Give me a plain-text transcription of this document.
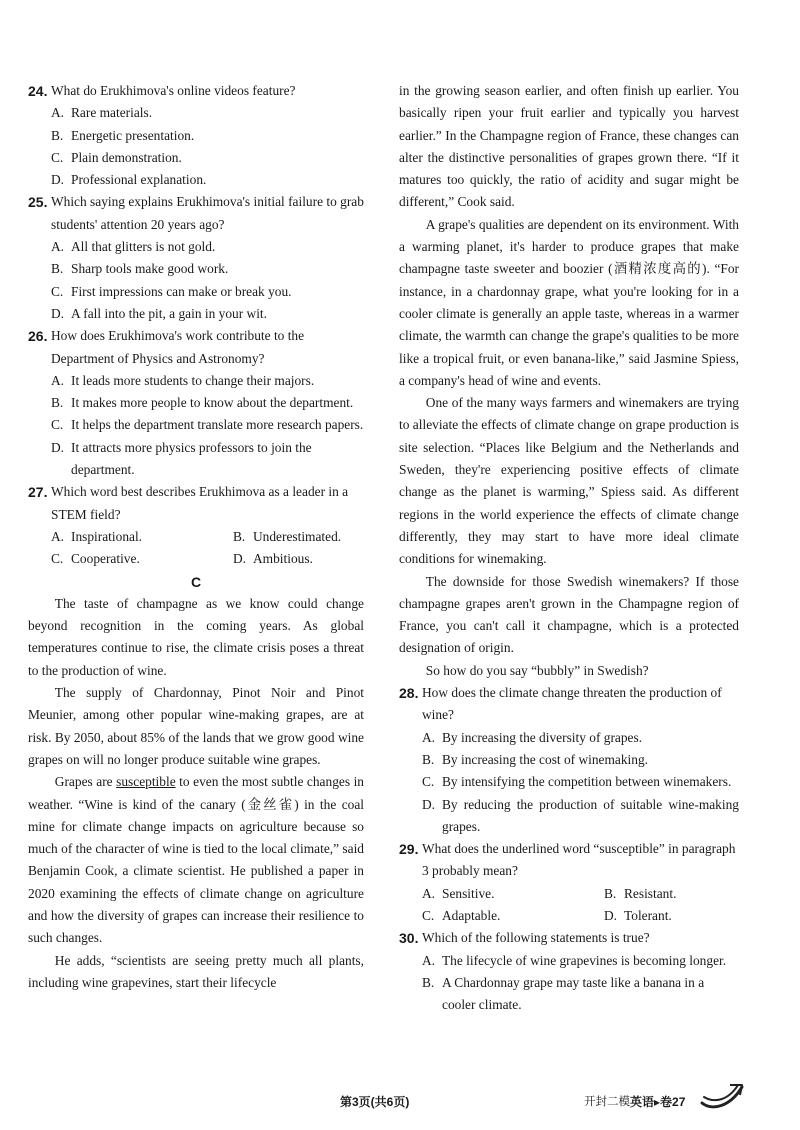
24. What do Erukhimova's online videos feature?
A. Rare materials.
B. Energetic presentation.
C. Plain demonstration.
D. Professional explanation.
25. Which saying explains Erukhimova's initial failure to grab students' attention 20 years ago?
A. All that glitters is not gold.
B. Sharp tools make good work.
C. First impressions can make or break you.
D. A fall into the pit, a gain in your wit.
26. How does Erukhimova's work contribute to the Department of Physics and Astronomy?
A. It leads more students to change their majors.
B. It makes more people to know about the department.
C. It helps the department translate more research papers.
D. It attracts more physics professors to join the department.
27. Which word best describes Erukhimova as a leader in a STEM field?
A. Inspirational.	B. Underestimated.
C. Cooperative.	D. Ambitious.
C
The taste of champagne as we know could change beyond recognition in the coming years. As global temperatures continue to rise, the climate crisis poses a threat to the production of wine.
The supply of Chardonnay, Pinot Noir and Pinot Meunier, among other popular wine-making grapes, are at risk. By 2050, about 85% of the lands that we grow good wine grapes on will no longer produce suitable wine grapes.
Grapes are susceptible to even the most subtle changes in weather. “Wine is kind of the canary (金丝雀) in the coal mine for climate change impacts on agriculture because so much of the character of wine is tied to the local climate,” said Benjamin Cook, a climate scientist. He published a paper in 2020 examining the effects of climate change on agriculture and how the diversity of grapes can increase their resilience to such changes.
He adds, “scientists are seeing pretty much all plants, including wine grapevines, start their lifecycle
in the growing season earlier, and often finish up earlier. You basically ripen your fruit earlier and typically you harvest earlier.” In the Champagne region of France, these changes can alter the distinctive personalities of grapes grown there. “If it matures too quickly, the ratio of acidity and sugar might be different,” Cook said.
A grape's qualities are dependent on its environment. With a warming planet, it's harder to produce grapes that make champagne taste sweeter and boozier (酒精浓度高的). “For instance, in a chardonnay grape, what you're looking for in a cooler climate is generally an apple taste, whereas in a warmer climate, the warmth can change the grape's qualities to be more like a tropical fruit, or even banana-like,” said Jasmine Spiess, a company's head of wine and events.
One of the many ways farmers and winemakers are trying to alleviate the effects of climate change on grape production is site selection. “Places like Belgium and the Netherlands and Sweden, they're experiencing positive effects of climate change as the planet is warming,” Spiess said. As different regions in the world experience the effects of climate change differently, they may start to have more ideal climate conditions for winemaking.
The downside for those Swedish winemakers? If those champagne grapes aren't grown in the Champagne region of France, you can't call it champagne, which is a protected designation of origin.
So how do you say “bubbly” in Swedish?
28. How does the climate change threaten the production of wine?
A. By increasing the diversity of grapes.
B. By increasing the cost of winemaking.
C. By intensifying the competition between winemakers.
D. By reducing the production of suitable wine-making grapes.
29. What does the underlined word “susceptible” in paragraph 3 probably mean?
A. Sensitive.	B. Resistant.
C. Adaptable.	D. Tolerant.
30. Which of the following statements is true?
A. The lifecycle of wine grapevines is becoming longer.
B. A Chardonnay grape may taste like a banana in a cooler climate.
第3页(共6页)	开封二模 英语▸卷27
